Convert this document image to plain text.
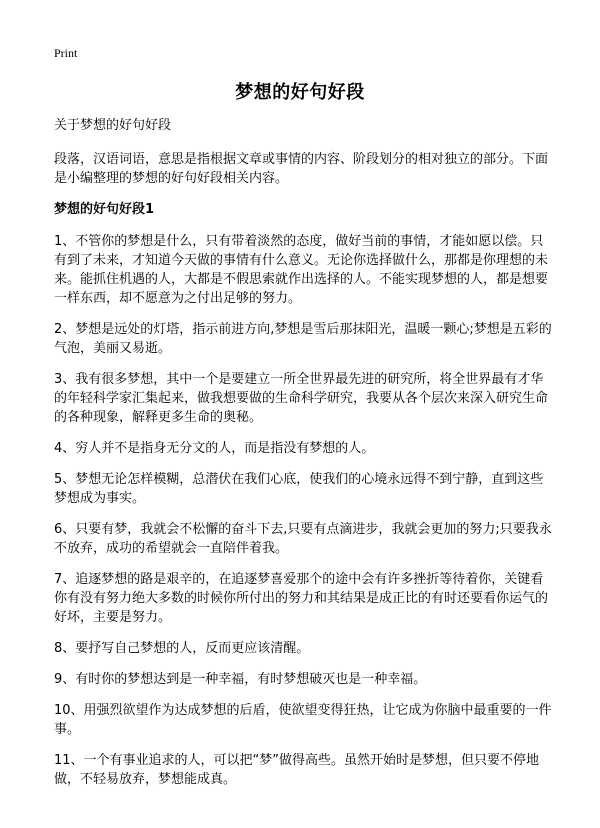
Print
梦想的好句好段
关于梦想的好句好段

段落，汉语词语，意思是指根据文章或事情的内容、阶段划分的相对独立的部分。下面是小编整理的梦想的好句好段相关内容。

梦想的好句好段1

1、不管你的梦想是什么，只有带着淡然的态度，做好当前的事情，才能如愿以偿。只有到了未来，才知道今天做的事情有什么意义。无论你选择做什么，那都是你理想的未来。能抓住机遇的人，大都是不假思索就作出选择的人。不能实现梦想的人，都是想要一样东西，却不愿意为之付出足够的努力。

2、梦想是远处的灯塔，指示前进方向,梦想是雪后那抹阳光，温暖一颗心;梦想是五彩的气泡，美丽又易逝。

3、我有很多梦想，其中一个是要建立一所全世界最先进的研究所，将全世界最有才华的年轻科学家汇集起来，做我想要做的生命科学研究，我要从各个层次来深入研究生命的各种现象，解释更多生命的奥秘。

4、穷人并不是指身无分文的人，而是指没有梦想的人。

5、梦想无论怎样模糊，总潜伏在我们心底，使我们的心境永远得不到宁静，直到这些梦想成为事实。

6、只要有梦，我就会不松懈的奋斗下去,只要有点滴进步，我就会更加的努力;只要我永不放弃，成功的希望就会一直陪伴着我。

7、追逐梦想的路是艰辛的，在追逐梦喜爱那个的途中会有许多挫折等待着你，关键看你有没有努力绝大多数的时候你所付出的努力和其结果是成正比的有时还要看你运气的好坏，主要是努力。

8、要抒写自己梦想的人，反而更应该清醒。

9、有时你的梦想达到是一种幸福，有时梦想破灭也是一种幸福。

10、用强烈欲望作为达成梦想的后盾，使欲望变得狂热，让它成为你脑中最重要的一件事。

11、一个有事业追求的人，可以把“梦”做得高些。虽然开始时是梦想，但只要不停地做，不轻易放弃，梦想能成真。
